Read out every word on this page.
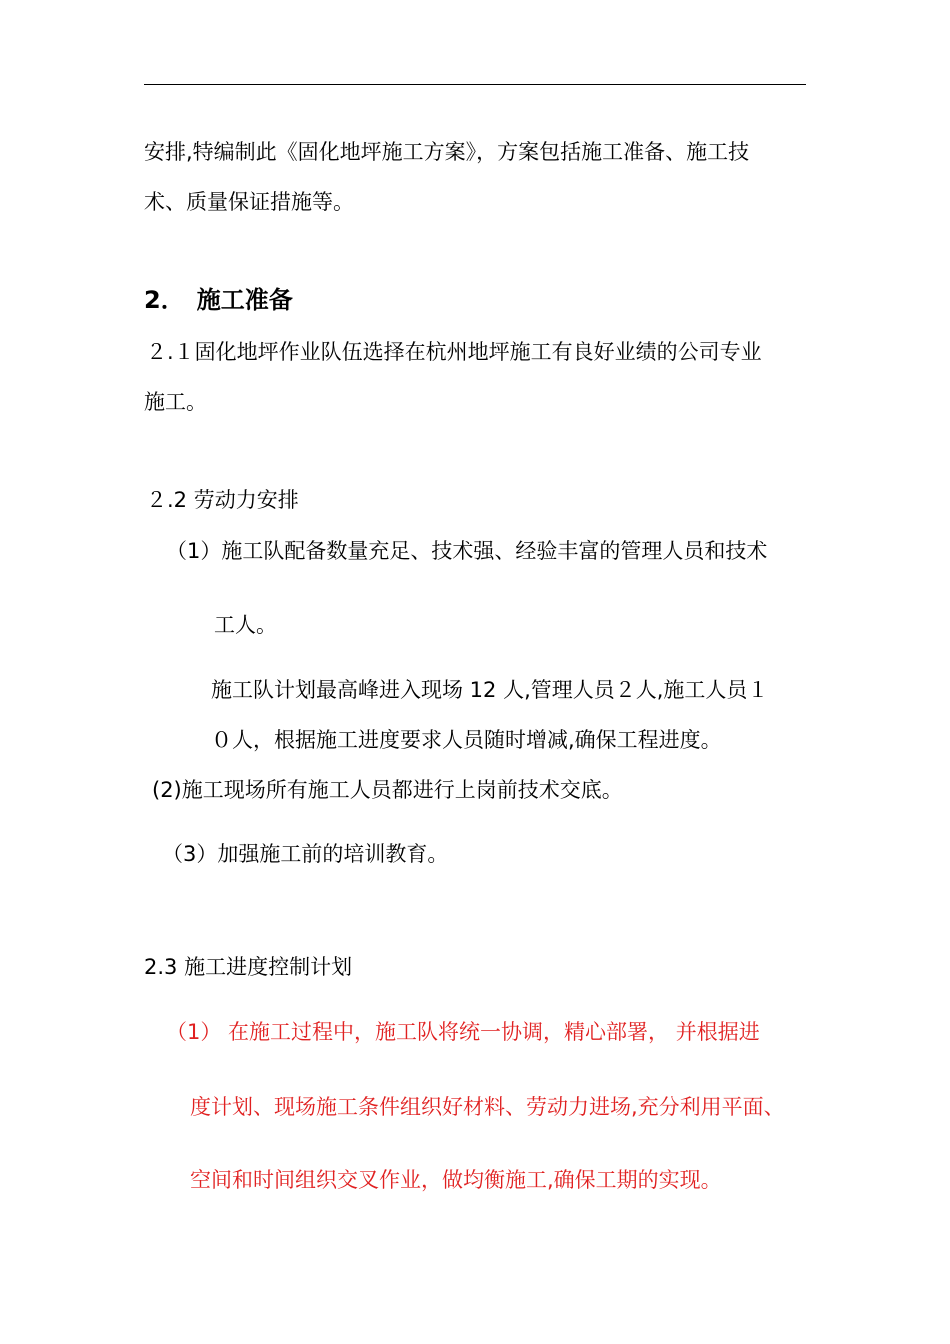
安排,特编制此《固化地坪施工方案》，方案包括施工准备、施工技
术、质量保证措施等。
2． 施工准备
２.１固化地坪作业队伍选择在杭州地坪施工有良好业绩的公司专业
施工。
２.2 劳动力安排
（1）施工队配备数量充足、技术强、经验丰富的管理人员和技术
工人。
施工队计划最高峰进入现场 12 人,管理人员２人,施工人员１
０人，根据施工进度要求人员随时增减,确保工程进度。
(2)施工现场所有施工人员都进行上岗前技术交底。
（3）加强施工前的培训教育。
2.3 施工进度控制计划
（1） 在施工过程中，施工队将统一协调，精心部署， 并根据进
度计划、现场施工条件组织好材料、劳动力进场,充分利用平面、
空间和时间组织交叉作业，做均衡施工,确保工期的实现。
